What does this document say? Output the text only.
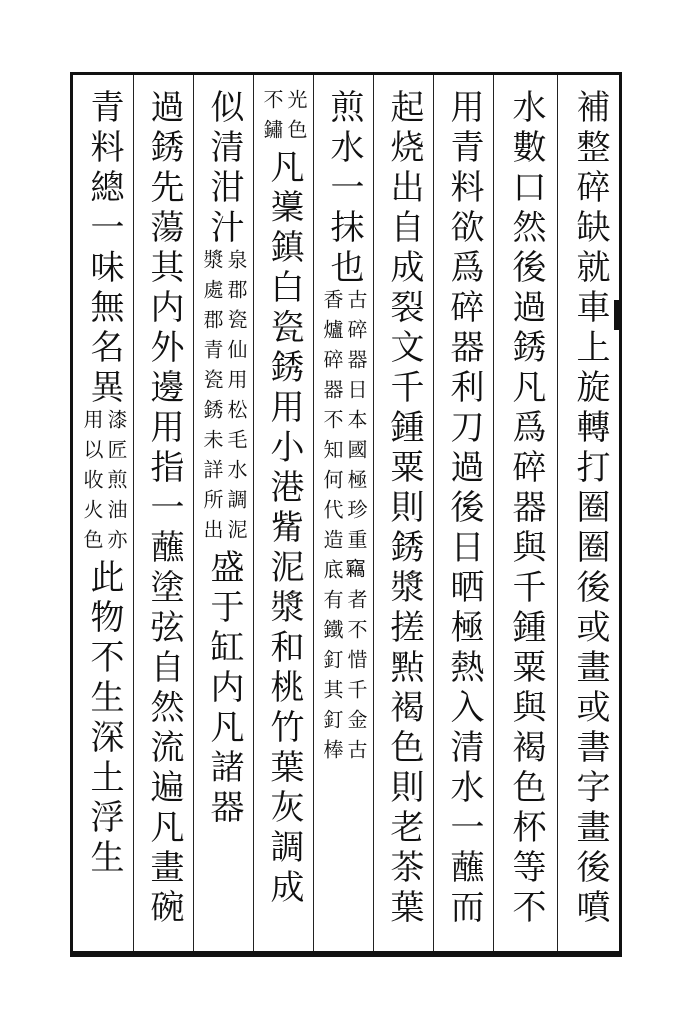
補整碎缺就車上旋轉打圈圈後或畫或書字畫後噴
水數口然後過銹凡爲碎器與千鍾粟與褐色杯等不
用青料欲爲碎器利刀過後日晒極熱入清水一蘸而
起烧出自成裂文千鍾粟則銹漿搓㸃褐色則老茶葉
煎水一抹也
古碎器日本國極珍重𥩈者不惜千金古
香爐碎器不知何代造底有鐵釘其釘棒
光色
不鏽
凡䆃鎮白瓷銹用小港觜泥漿和桃竹葉灰調成
似清泔汁
泉郡瓷仙用松毛水調泥
漿處郡青瓷銹未詳所出
盛于缸内凡諸器
過銹先蕩其内外邊用指一蘸塗弦自然流遍凡畫碗
青料總一味無名異
漆匠煎油亦
用以收火色
此物不生深土浮生
